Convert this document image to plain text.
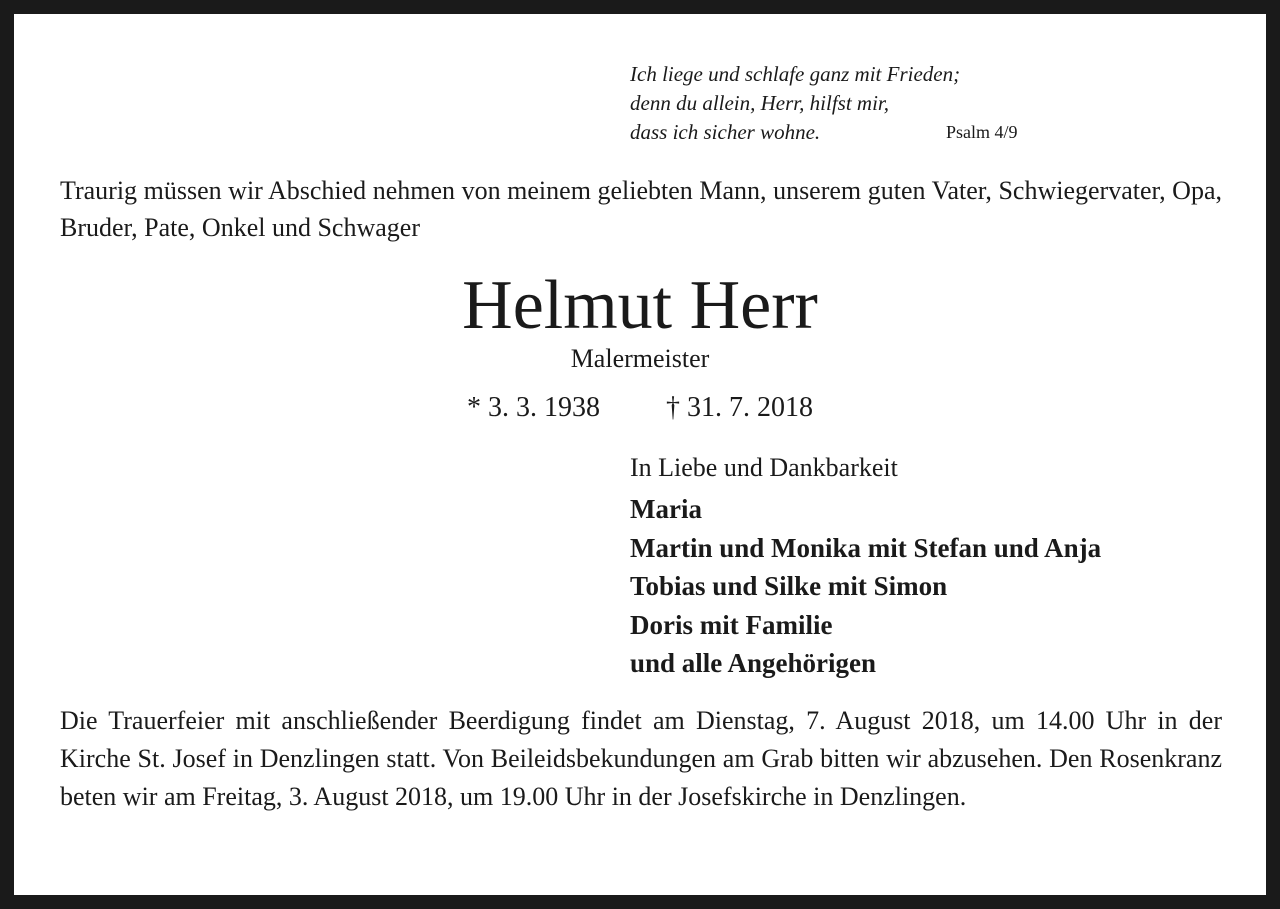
Ich liege und schlafe ganz mit Frieden;
denn du allein, Herr, hilfst mir,
dass ich sicher wohne.	Psalm 4/9
Traurig müssen wir Abschied nehmen von meinem geliebten Mann, unserem guten Vater, Schwiegervater, Opa, Bruder, Pate, Onkel und Schwager
Helmut Herr
Malermeister
* 3. 3. 1938 † 31. 7. 2018
In Liebe und Dankbarkeit
Maria
Martin und Monika mit Stefan und Anja
Tobias und Silke mit Simon
Doris mit Familie
und alle Angehörigen
Die Trauerfeier mit anschließender Beerdigung findet am Dienstag, 7. August 2018, um 14.00 Uhr in der Kirche St. Josef in Denzlingen statt. Von Beileidsbekundungen am Grab bitten wir abzusehen. Den Rosenkranz beten wir am Freitag, 3. August 2018, um 19.00 Uhr in der Josefskirche in Denzlingen.
